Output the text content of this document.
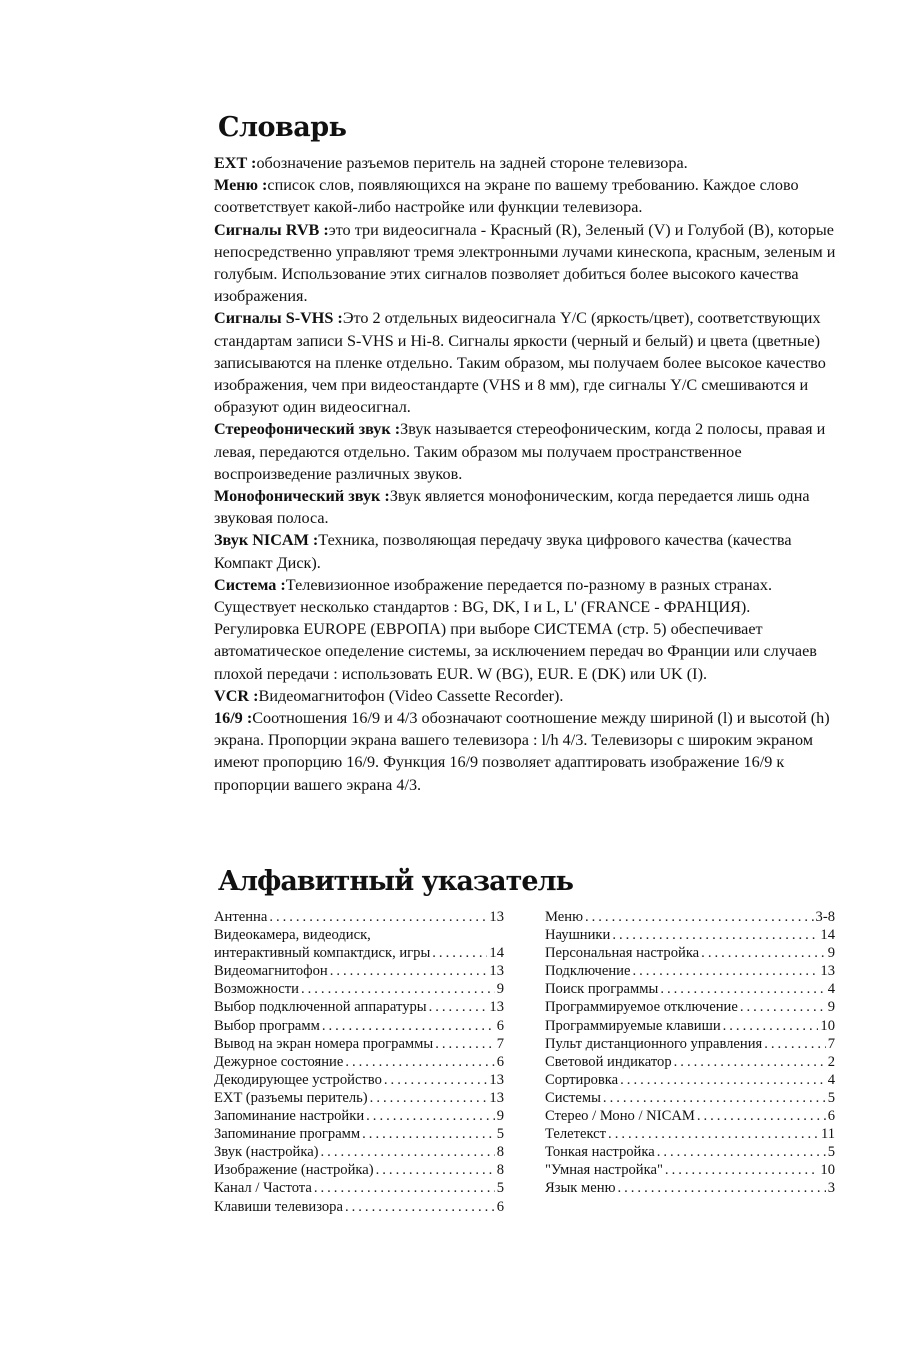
Словарь

EXT :обозначение разъемов перитель на задней стороне телевизора.

Меню :список слов, появляющихся на экране по вашему требованию. Каждое слово соответствует какой-либо настройке или функции телевизора.

Сигналы RVB :это три видеосигнала - Красный (R), Зеленый (V) и Голубой (B), которые непосредственно управляют тремя электронными лучами кинескопа, красным, зеленым и голубым. Использование этих сигналов позволяет добиться более высокого качества изображения.

Сигналы S-VHS :Это 2 отдельных видеосигнала Y/C (яркость/цвет), соответствующих стандартам записи S-VHS и Hi-8. Сигналы яркости (черный и белый) и цвета (цветные) записываются на пленке отдельно. Таким образом, мы получаем более высокое качество изображения, чем при видеостандарте (VHS и 8 мм), где сигналы Y/C смешиваются и образуют один видеосигнал.

Стереофонический звук :Звук называется стереофоническим, когда 2 полосы, правая и левая, передаются отдельно. Таким образом мы получаем пространственное воспроизведение различных звуков.

Монофонический звук :Звук является монофоническим, когда передается лишь одна звуковая полоса.

Звук NICAM :Техника, позволяющая передачу звука цифрового качества (качества Компакт Диск).

Система :Телевизионное изображение передается по-разному в разных странах. Существует несколько стандартов : BG, DK, I и L, L' (FRANCE - ФРАНЦИЯ).

Регулировка EUROPE (ЕВРОПА) при выборе СИСТЕМА (стр. 5) обеспечивает автоматическое опеделение системы, за исключением передач во Франции или случаев плохой передачи : использовать EUR. W (BG), EUR. E (DK) или UK (I).

VCR :Видеомагнитофон (Video Cassette Recorder).

16/9 :Соотношения 16/9 и 4/3 обозначают соотношение между шириной (l) и высотой (h) экрана. Пропорции экрана вашего телевизора : l/h 4/3. Телевизоры с широким экраном имеют пропорцию 16/9. Функция 16/9 позволяет адаптировать изображение 16/9 к пропорции вашего экрана 4/3.

Алфавитный указатель
Антенна .....	13
Видеокамера, видеодиск,
интерактивный компактдиск, игры .....	14
Видеомагнитофон .....	13
Возможности .....	9
Выбор подключенной аппаратуры .....	13
Выбор программ .....	6
Вывод на экран номера программы .....	7
Дежурное состояние .....	6
Декодирующее устройство .....	13
EXT (разъемы перитель) .....	13
Запоминание настройки .....	9
Запоминание программ .....	5
Звук (настройка) .....	8
Изображение (настройка) .....	8
Канал / Частота .....	5
Клавиши телевизора .....	6
Меню .....	3-8
Наушники .....	14
Персональная настройка .....	9
Подключение .....	13
Поиск программы .....	4
Программируемое отключение .....	9
Программируемые клавиши .....	10
Пульт дистанционного управления .....	7
Световой индикатор .....	2
Сортировка .....	4
Системы .....	5
Стерео / Моно / NICAM .....	6
Телетекст .....	11
Тонкая настройка .....	5
"Умная настройка" .....	10
Язык меню .....	3
